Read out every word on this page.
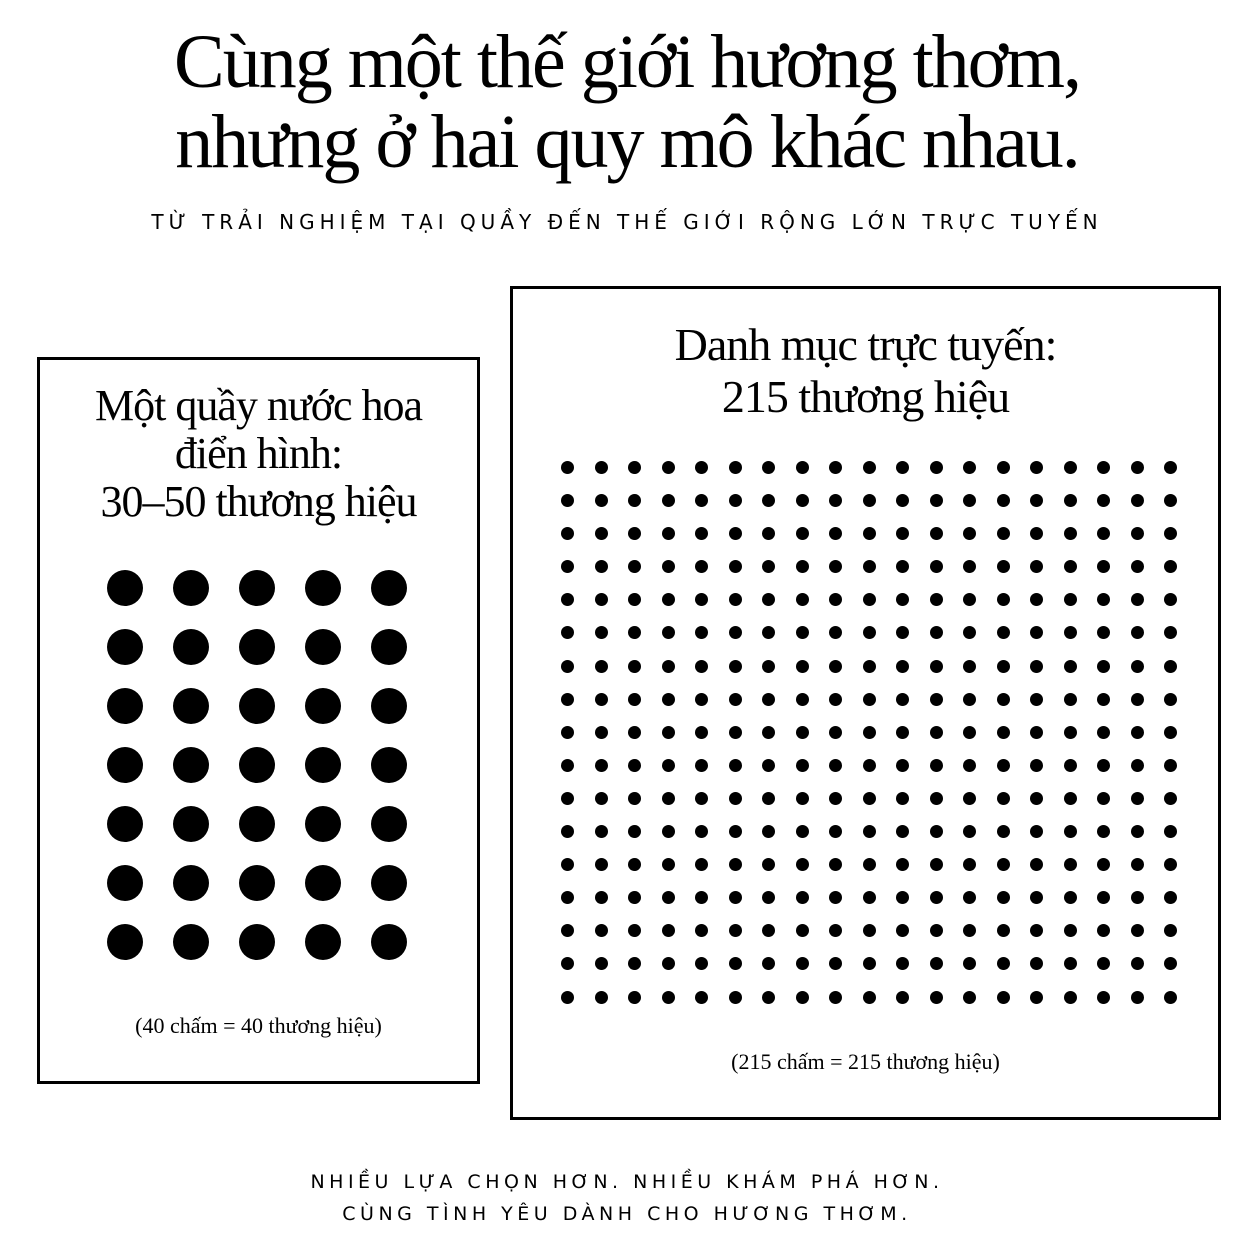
Cùng một thế giới hương thơm,
nhưng ở hai quy mô khác nhau.

TỪ TRẢI NGHIỆM TẠI QUẦY ĐẾN THẾ GIỚI RỘNG LỚN TRỰC TUYẾN

Một quầy nước hoa
điển hình:
30–50 thương hiệu

(40 chấm = 40 thương hiệu)

Danh mục trực tuyến:
215 thương hiệu

(215 chấm = 215 thương hiệu)

NHIỀU LỰA CHỌN HƠN. NHIỀU KHÁM PHÁ HƠN.
CÙNG TÌNH YÊU DÀNH CHO HƯƠNG THƠM.
